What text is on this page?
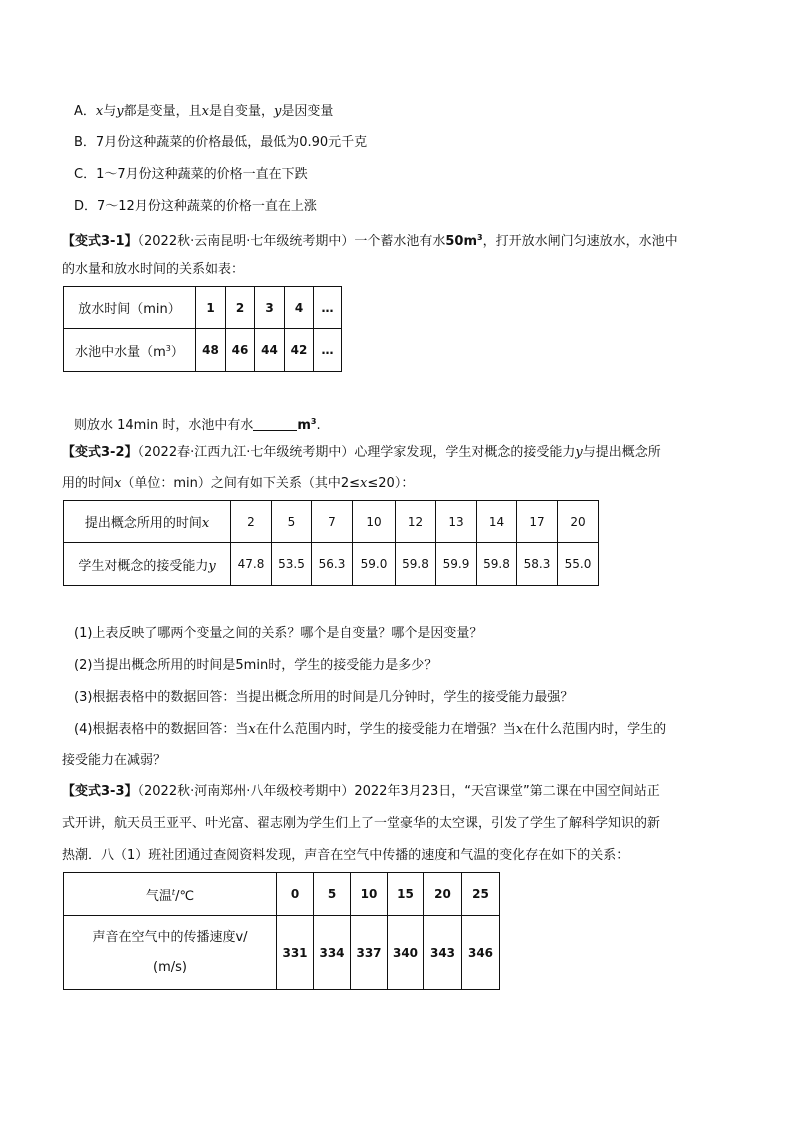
A．x与y都是变量，且x是自变量，y是因变量
B．7月份这种蔬菜的价格最低，最低为0.90元千克
C．1～7月份这种蔬菜的价格一直在下跌
D．7～12月份这种蔬菜的价格一直在上涨
【变式3-1】（2022秋·云南昆明·七年级统考期中）一个蓄水池有水$50m^3$，打开放水闸门匀速放水，水池中
的水量和放水时间的关系如表：
放水时间（min）	1	2	3	4	…
水池中水量$(m^3)$	48	46	44	42	…
则放水 14min 时，水池中有水	$m^3$.
【变式3-2】（2022春·江西九江·七年级统考期中）心理学家发现，学生对概念的接受能力y与提出概念所
用的时间x（单位：min）之间有如下关系（其中2≤x≤20）：
提出概念所用的时间x	2	5	7	10	12	13	14	17	20
学生对概念的接受能力y	47.8	53.5	56.3	59.0	59.8	59.9	59.8	58.3	55.0
(1)上表反映了哪两个变量之间的关系？哪个是自变量？哪个是因变量？
(2)当提出概念所用的时间是5min时，学生的接受能力是多少？
(3)根据表格中的数据回答：当提出概念所用的时间是几分钟时，学生的接受能力最强？
(4)根据表格中的数据回答：当x在什么范围内时，学生的接受能力在增强？当x在什么范围内时，学生的
接受能力在减弱？
【变式3-3】（2022秋·河南郑州·八年级校考期中）2022年3月23日，“天宫课堂”第二课在中国空间站正
式开讲，航天员王亚平、叶光富、翟志刚为学生们上了一堂豪华的太空课，引发了学生了解科学知识的新
热潮．八（1）班社团通过查阅资料发现，声音在空气中传播的速度和气温的变化存在如下的关系：
气温$^t$/℃	0	5	10	15	20	25
声音在空气中的传播速度v/
(m/s)	331	334	337	340	343	346
